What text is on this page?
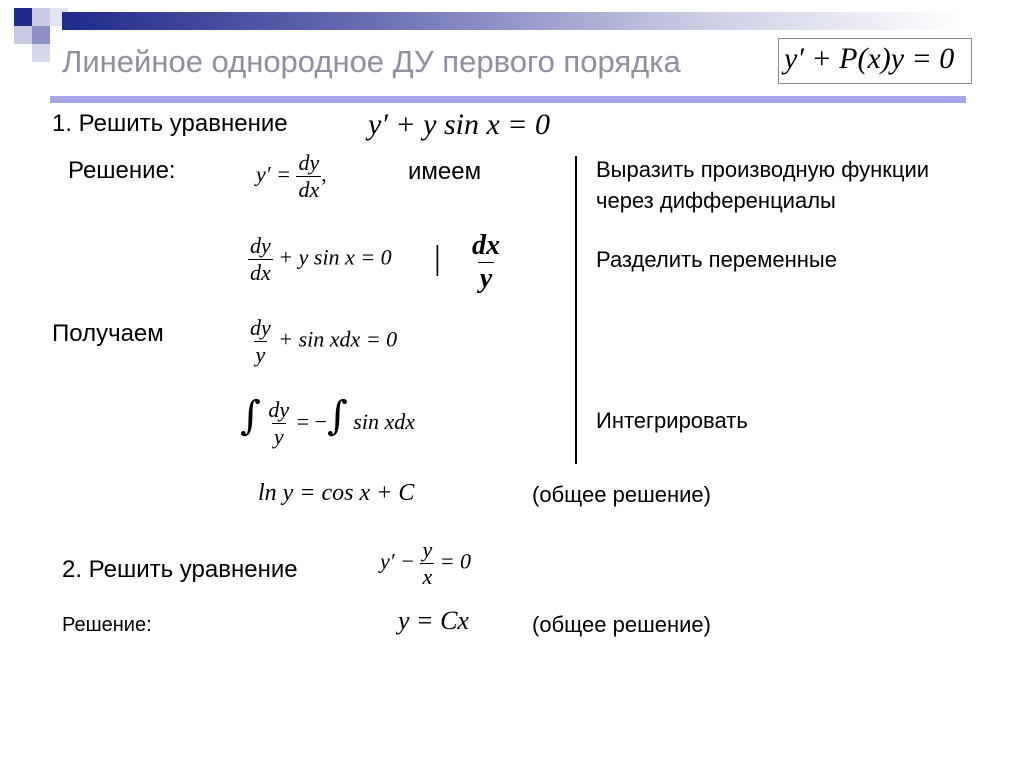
Линейное однородное ДУ первого порядка	y′ + P(x)y = 0
1. Решить уравнение	y′ + y sin x = 0
Решение:	$y' = \frac{dy}{dx}$ ,	имеем	Выразить производную функции
через дифференциалы
$\frac{dy}{dx} + y$ sin x = 0 | $\frac{dx}{y}$	Разделить переменные
Получаем	$\frac{dy}{y} + \sin$ xdx = 0
∫ $\frac{dy}{y}$ = −∫ sin xdx	Интегрировать
ln y = cos x + C	(общее решение)
2. Решить уравнение	$y' - \frac{y}{x} = 0$
Решение:	y = Cx	(общее решение)
